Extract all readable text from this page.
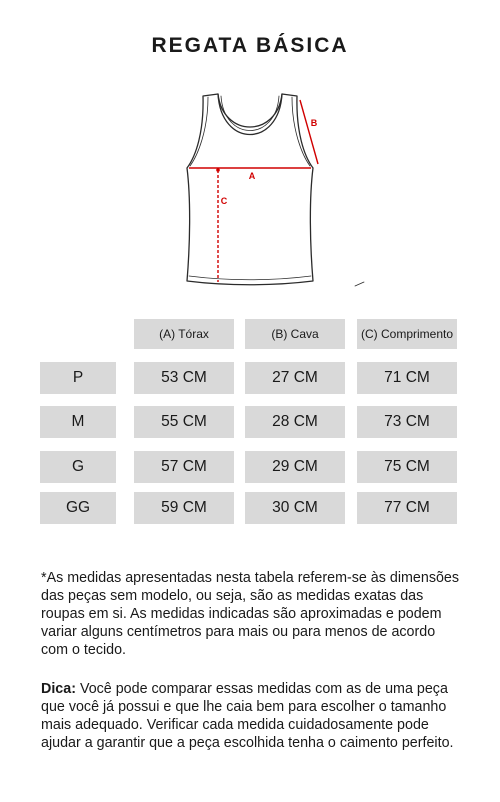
REGATA BÁSICA
A
B
C
(A) Tórax	(B) Cava	(C) Comprimento
P	53 CM	27 CM	71 CM
M	55 CM	28 CM	73 CM
G	57 CM	29 CM	75 CM
GG	59 CM	30 CM	77 CM
*As medidas apresentadas nesta tabela referem-se às dimensões das peças sem modelo, ou seja, são as medidas exatas das roupas em si. As medidas indicadas são aproximadas e podem variar alguns centímetros para mais ou para menos de acordo com o tecido.
Dica: Você pode comparar essas medidas com as de uma peça que você já possui e que lhe caia bem para escolher o tamanho mais adequado. Verificar cada medida cuidadosamente pode ajudar a garantir que a peça escolhida tenha o caimento perfeito.
